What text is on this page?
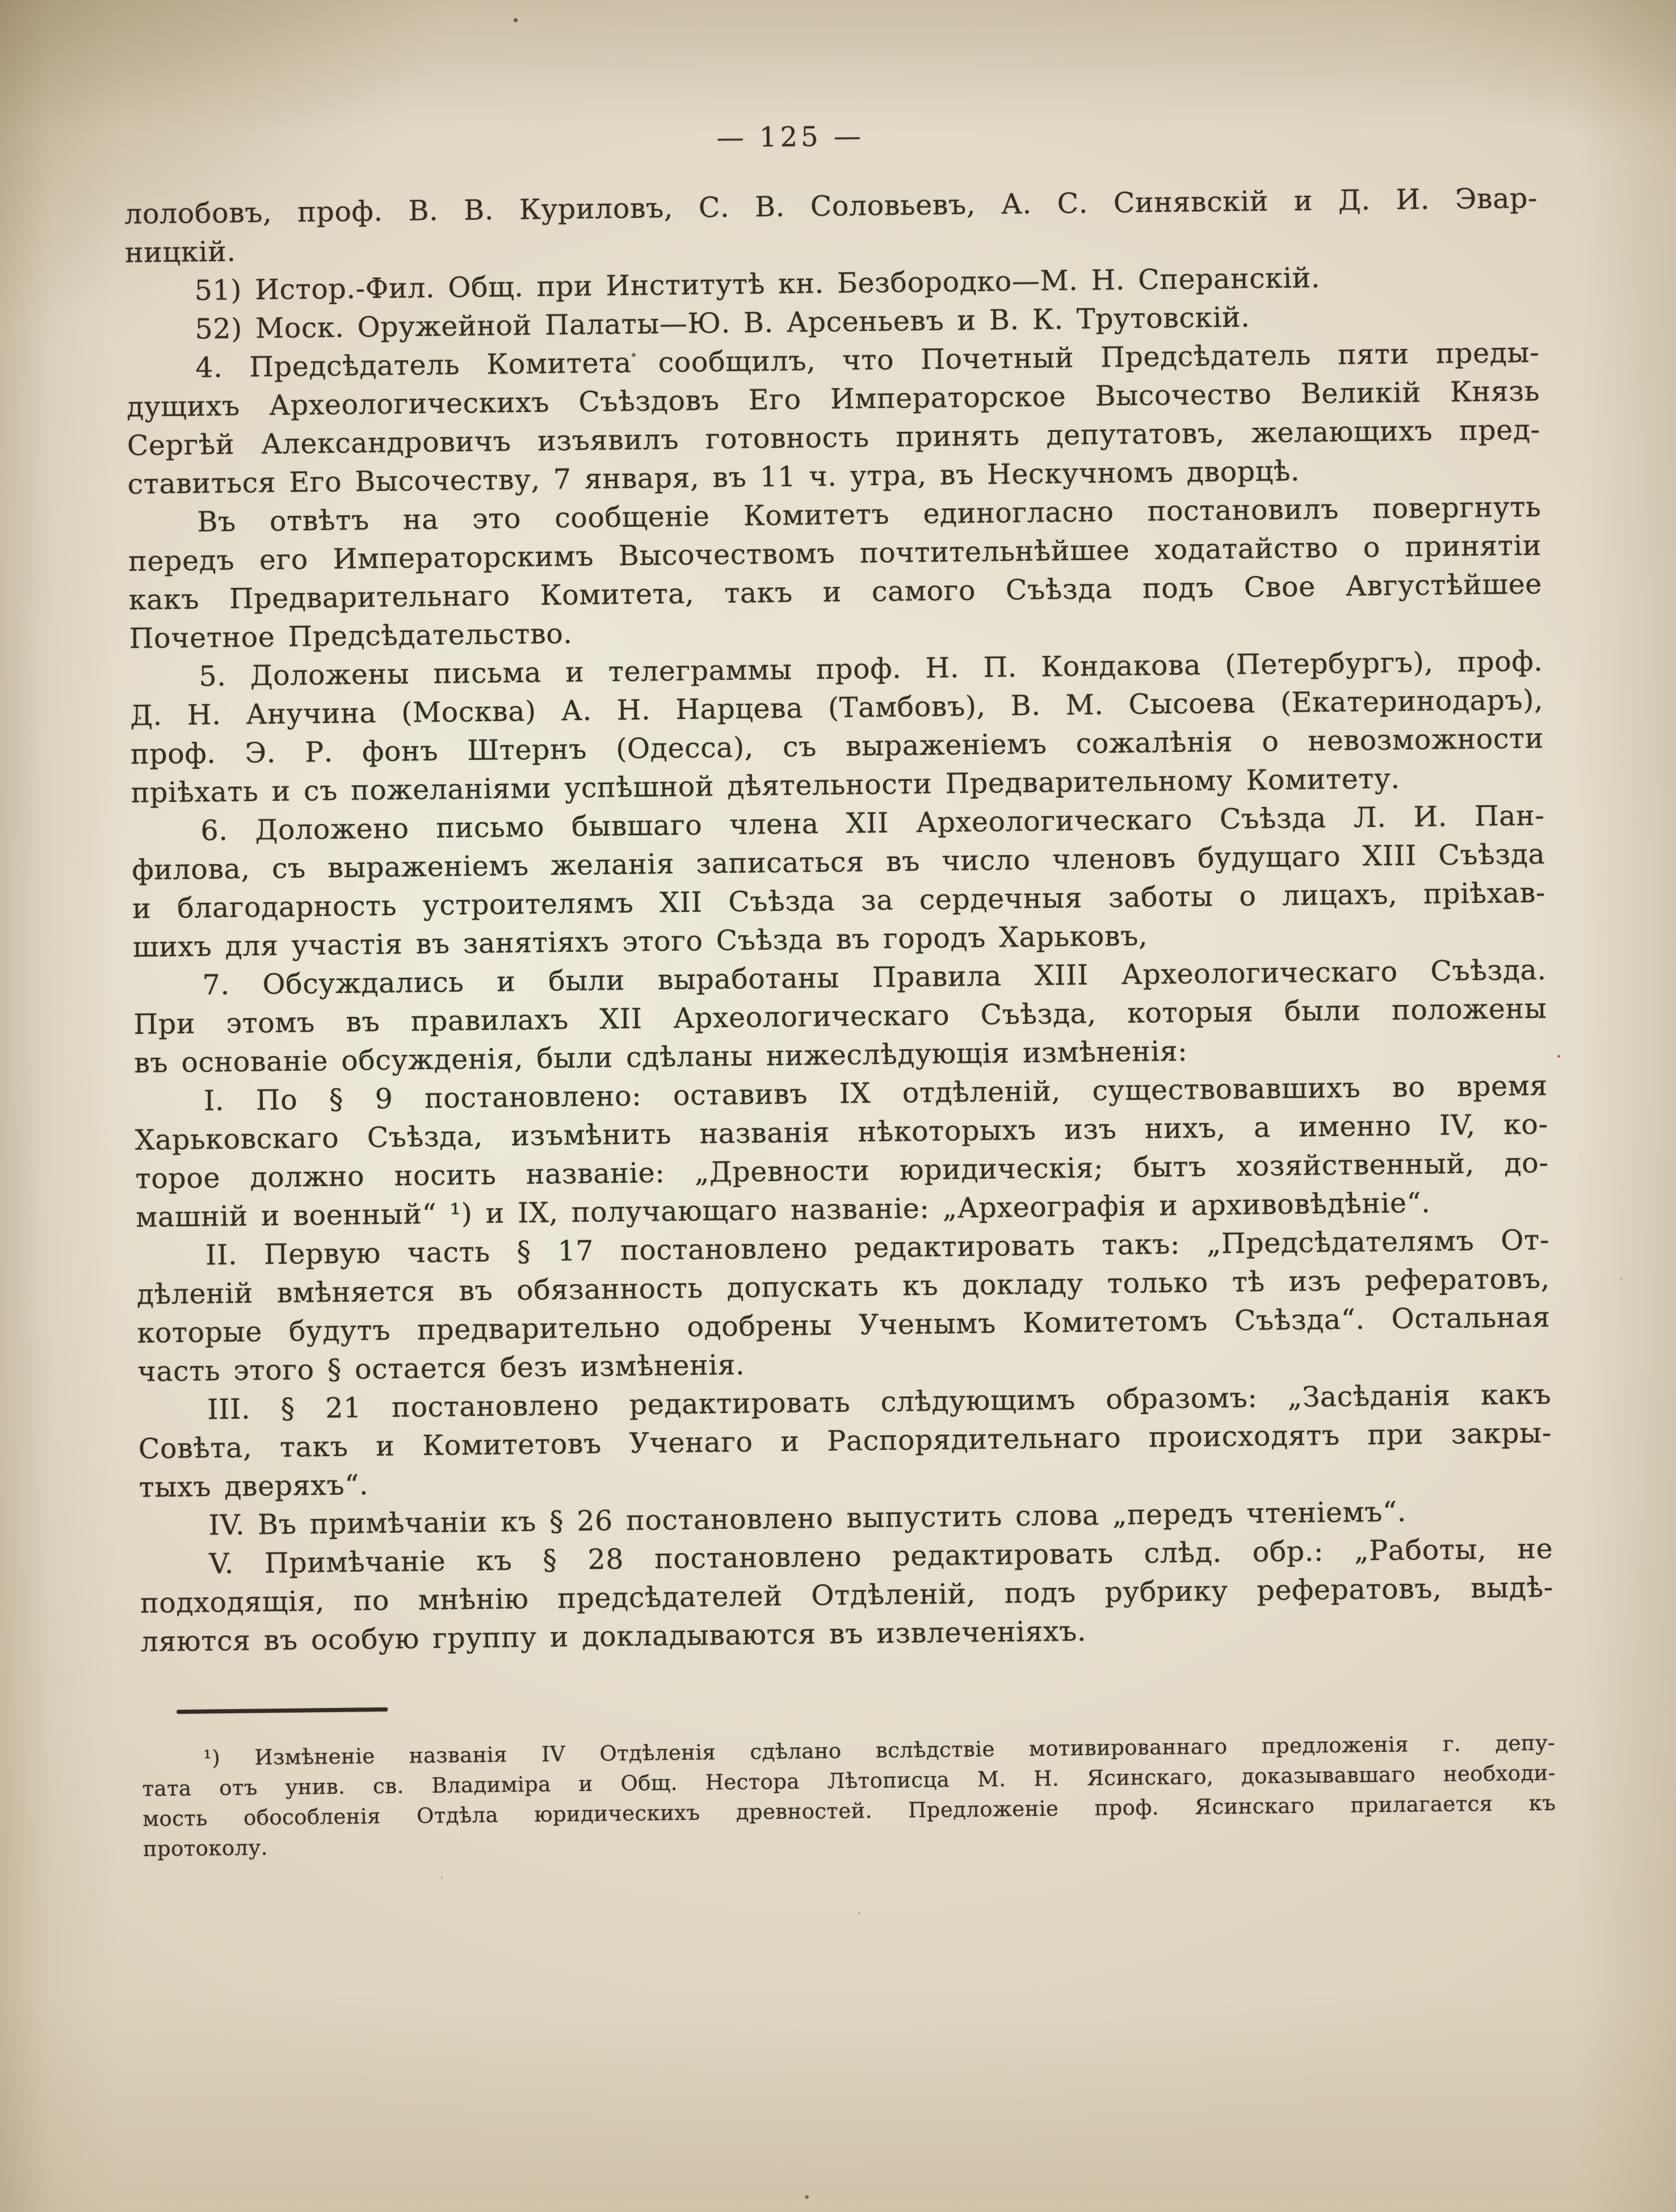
— 125 —
лолобовъ, проф. В. В. Куриловъ, С. В. Соловьевъ, А. С. Синявскій и Д. И. Эвар-
ницкій.
51) Истор.-Фил. Общ. при Институтѣ кн. Безбородко—М. Н. Сперанскій.
52) Моск. Оружейной Палаты—Ю. В. Арсеньевъ и В. К. Трутовскій.
4. Предсѣдатель Комитета сообщилъ, что Почетный Предсѣдатель пяти преды-
дущихъ Археологическихъ Съѣздовъ Его Императорское Высочество Великій Князь
Сергѣй Александровичъ изъявилъ готовность принять депутатовъ, желающихъ пред-
ставиться Его Высочеству, 7 января, въ 11 ч. утра, въ Нескучномъ дворцѣ.
Въ отвѣтъ на это сообщеніе Комитетъ единогласно постановилъ повергнуть
передъ его Императорскимъ Высочествомъ почтительнѣйшее ходатайство о принятіи
какъ Предварительнаго Комитета, такъ и самого Съѣзда подъ Свое Августѣйшее
Почетное Предсѣдательство.
5. Доложены письма и телеграммы проф. Н. П. Кондакова (Петербургъ), проф.
Д. Н. Анучина (Москва) А. Н. Нарцева (Тамбовъ), В. М. Сысоева (Екатеринодаръ),
проф. Э. Р. фонъ Штернъ (Одесса), съ выраженіемъ сожалѣнія о невозможности
пріѣхать и съ пожеланіями успѣшной дѣятельности Предварительному Комитету.
6. Доложено письмо бывшаго члена XII Археологическаго Съѣзда Л. И. Пан-
филова, съ выраженіемъ желанія записаться въ число членовъ будущаго XIII Съѣзда
и благодарность устроителямъ XII Съѣзда за сердечныя заботы о лицахъ, пріѣхав-
шихъ для участія въ занятіяхъ этого Съѣзда въ городъ Харьковъ,
7. Обсуждались и были выработаны Правила XIII Археологическаго Съѣзда.
При этомъ въ правилахъ XII Археологическаго Съѣзда, которыя были положены
въ основаніе обсужденія, были сдѣланы нижеслѣдующія измѣненія:
I. По § 9 постановлено: оставивъ IX отдѣленій, существовавшихъ во время
Харьковскаго Съѣзда, изъмѣнить названія нѣкоторыхъ изъ нихъ, а именно IV, ко-
торое должно носить названіе: „Древности юридическія; бытъ хозяйственный, до-
машній и военный“ ¹) и IX, получающаго названіе: „Археографія и архивовѣдѣніе“.
II. Первую часть § 17 постановлено редактировать такъ: „Предсѣдателямъ От-
дѣленій вмѣняется въ обязанность допускать къ докладу только тѣ изъ рефератовъ,
которые будутъ предварительно одобрены Ученымъ Комитетомъ Съѣзда“. Остальная
часть этого § остается безъ измѣненія.
III. § 21 постановлено редактировать слѣдующимъ образомъ: „Засѣданія какъ
Совѣта, такъ и Комитетовъ Ученаго и Распорядительнаго происходятъ при закры-
тыхъ дверяхъ“.
IV. Въ примѣчаніи къ § 26 постановлено выпустить слова „передъ чтеніемъ“.
V. Примѣчаніе къ § 28 постановлено редактировать слѣд. обр.: „Работы, не
подходящія, по мнѣнію предсѣдателей Отдѣленій, подъ рубрику рефератовъ, выдѣ-
ляются въ особую группу и докладываются въ извлеченіяхъ.
¹) Измѣненіе названія IV Отдѣленія сдѣлано вслѣдствіе мотивированнаго предложенія г. депу-
тата отъ унив. св. Владиміра и Общ. Нестора Лѣтописца М. Н. Ясинскаго, доказывавшаго необходи-
мость обособленія Отдѣла юридическихъ древностей. Предложеніе проф. Ясинскаго прилагается къ
протоколу.
